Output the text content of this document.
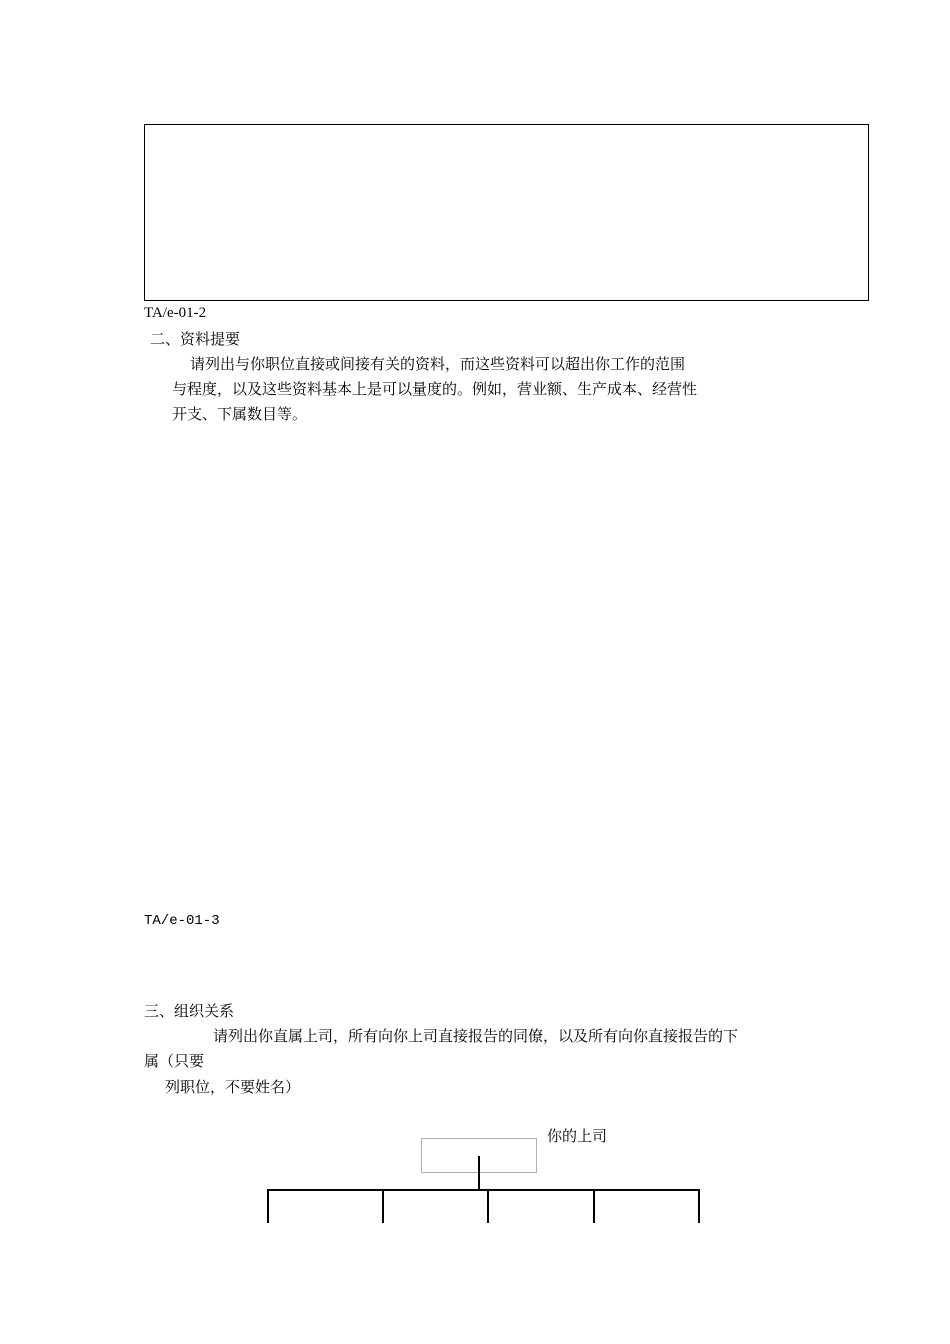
TA/e-01-2
二、资料提要
请列出与你职位直接或间接有关的资料，而这些资料可以超出你工作的范围
与程度，以及这些资料基本上是可以量度的。例如，营业额、生产成本、经营性
开支、下属数目等。
TA/e-01-3
三、组织关系
请列出你直属上司，所有向你上司直接报告的同僚，以及所有向你直接报告的下
属（只要
列职位，不要姓名）
你的上司
